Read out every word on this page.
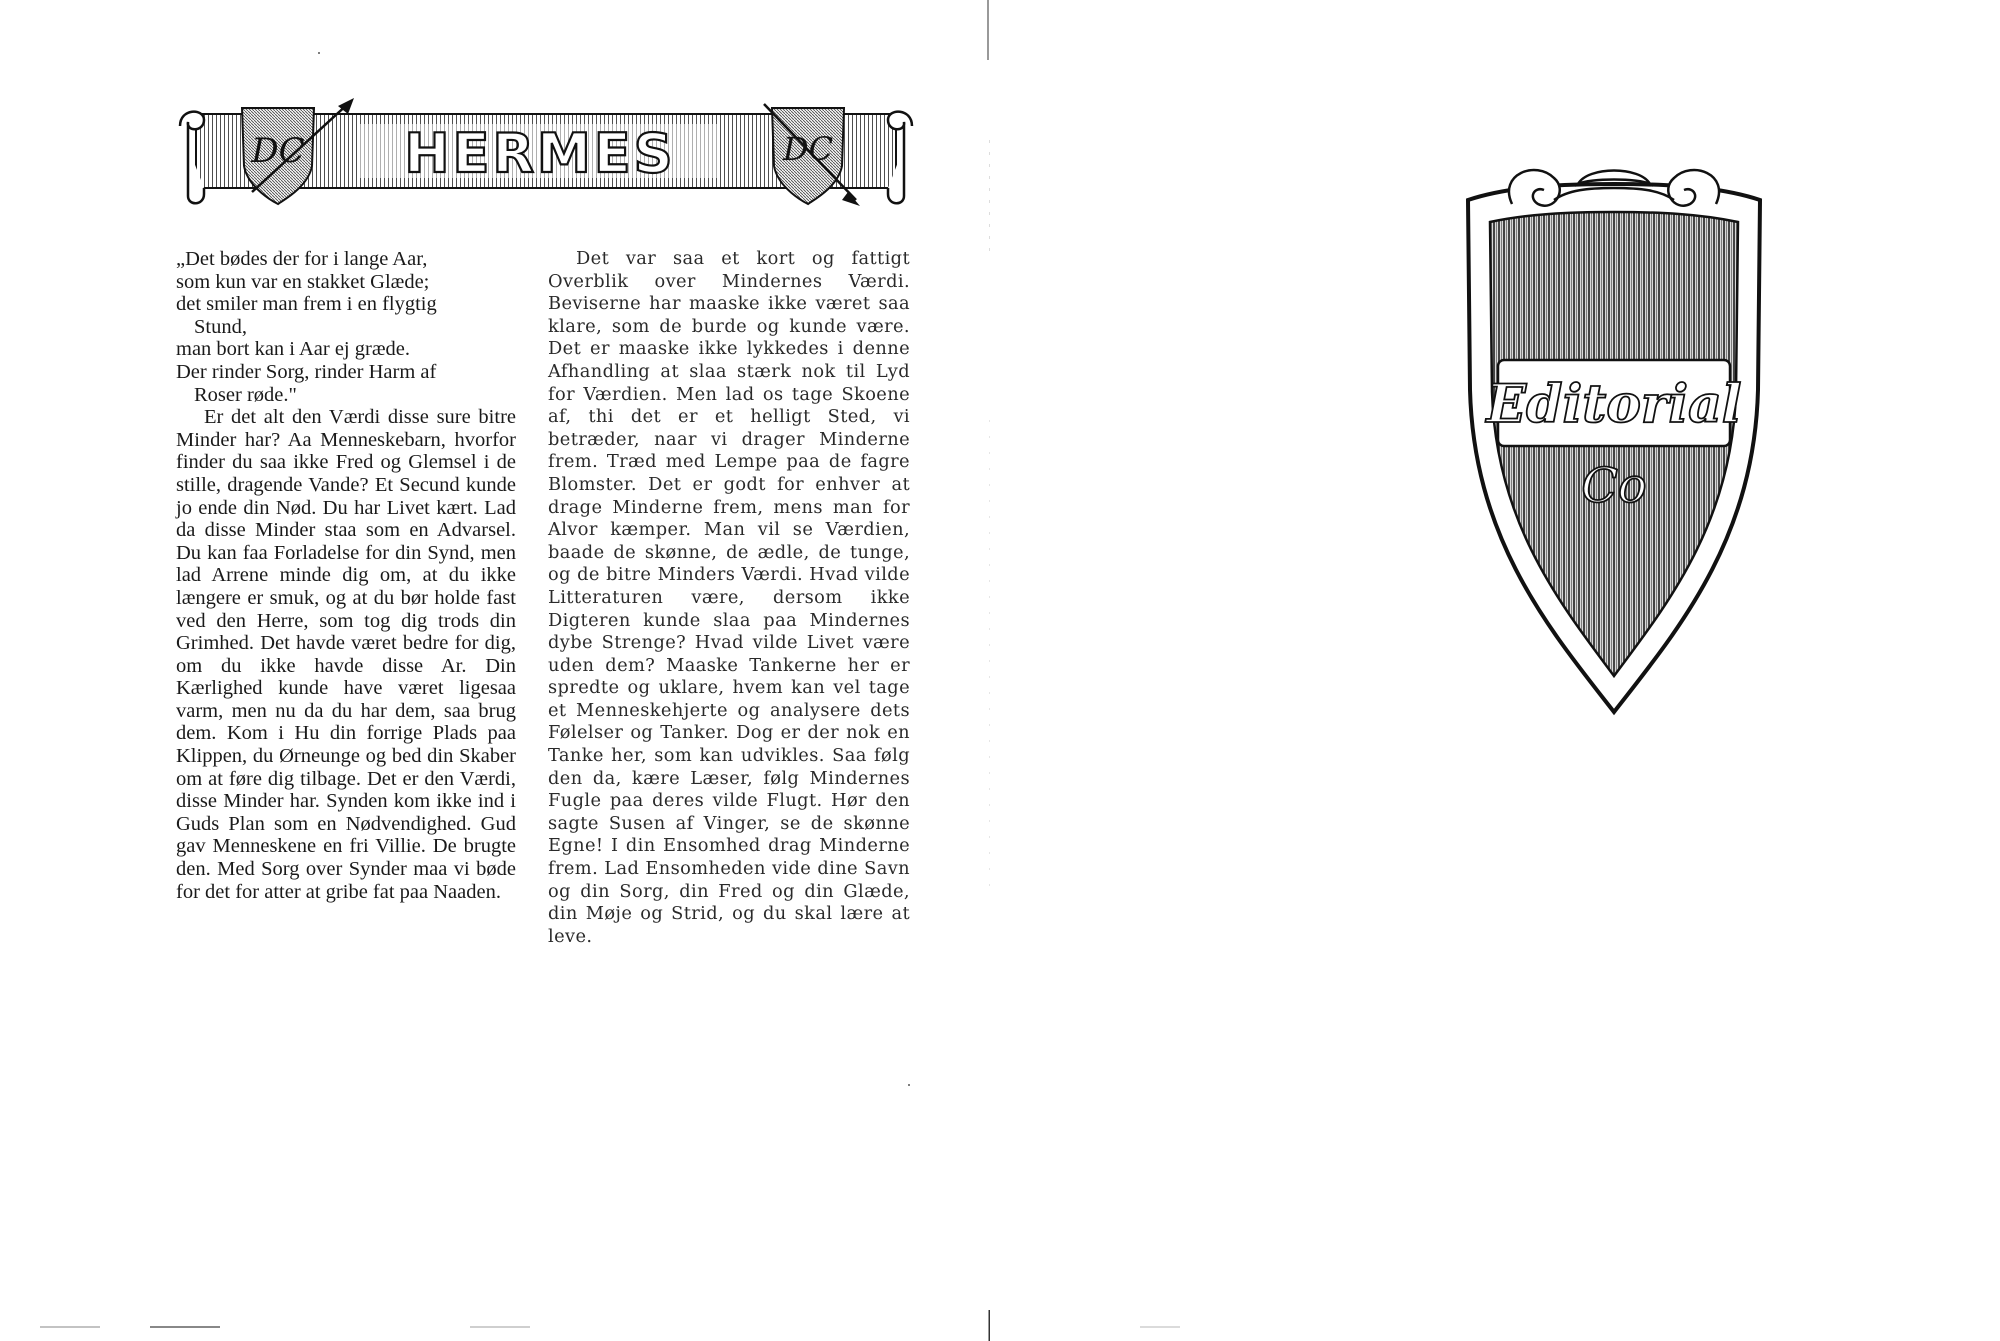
DC HERMES	DC

„Det bødes der for i lange Aar,
som kun var en stakket Glæde;
det smiler man frem i en flygtig
Stund,
man bort kan i Aar ej græde.
Der rinder Sorg, rinder Harm af
Roser røde."

Er det alt den Værdi disse sure bitre Minder har? Aa Menneskebarn, hvorfor finder du saa ikke Fred og Glemsel i de stille, dragende Vande? Et Secund kunde jo ende din Nød. Du har Livet kært. Lad da disse Minder staa som en Advarsel. Du kan faa Forladelse for din Synd, men lad Arrene minde dig om, at du ikke længere er smuk, og at du bør holde fast ved den Herre, som tog dig trods din Grimhed. Det havde været bedre for dig, om du ikke havde disse Ar. Din Kærlighed kunde have været ligesaa varm, men nu da du har dem, saa brug dem. Kom i Hu din forrige Plads paa Klippen, du Ørneunge og bed din Skaber om at føre dig tilbage. Det er den Værdi, disse Minder har. Synden kom ikke ind i Guds Plan som en Nødvendighed. Gud gav Menneskene en fri Villie. De brugte den. Med Sorg over Synder maa vi bøde for det for atter at gribe fat paa Naaden.

Det var saa et kort og fattigt Overblik over Mindernes Værdi. Beviserne har maaske ikke været saa klare, som de burde og kunde være. Det er maaske ikke lykkedes i denne Afhandling at slaa stærk nok til Lyd for Værdien. Men lad os tage Skoene af, thi det er et helligt Sted, vi betræder, naar vi drager Minderne frem. Træd med Lempe paa de fagre Blomster. Det er godt for enhver at drage Minderne frem, mens man for Alvor kæmper. Man vil se Værdien, baade de skønne, de ædle, de tunge, og de bitre Minders Værdi. Hvad vilde Litteraturen være, dersom ikke Digteren kunde slaa paa Mindernes dybe Strenge? Hvad vilde Livet være uden dem? Maaske Tankerne her er spredte og uklare, hvem kan vel tage et Menneskehjerte og analysere dets Følelser og Tanker. Dog er der nok en Tanke her, som kan udvikles. Saa følg den da, kære Læser, følg Mindernes Fugle paa deres vilde Flugt. Hør den sagte Susen af Vinger, se de skønne Egne! I din Ensomhed drag Minderne frem. Lad Ensomheden vide dine Savn og din Sorg, din Fred og din Glæde, din Møje og Strid, og du skal lære at leve.

Editorial
Co
